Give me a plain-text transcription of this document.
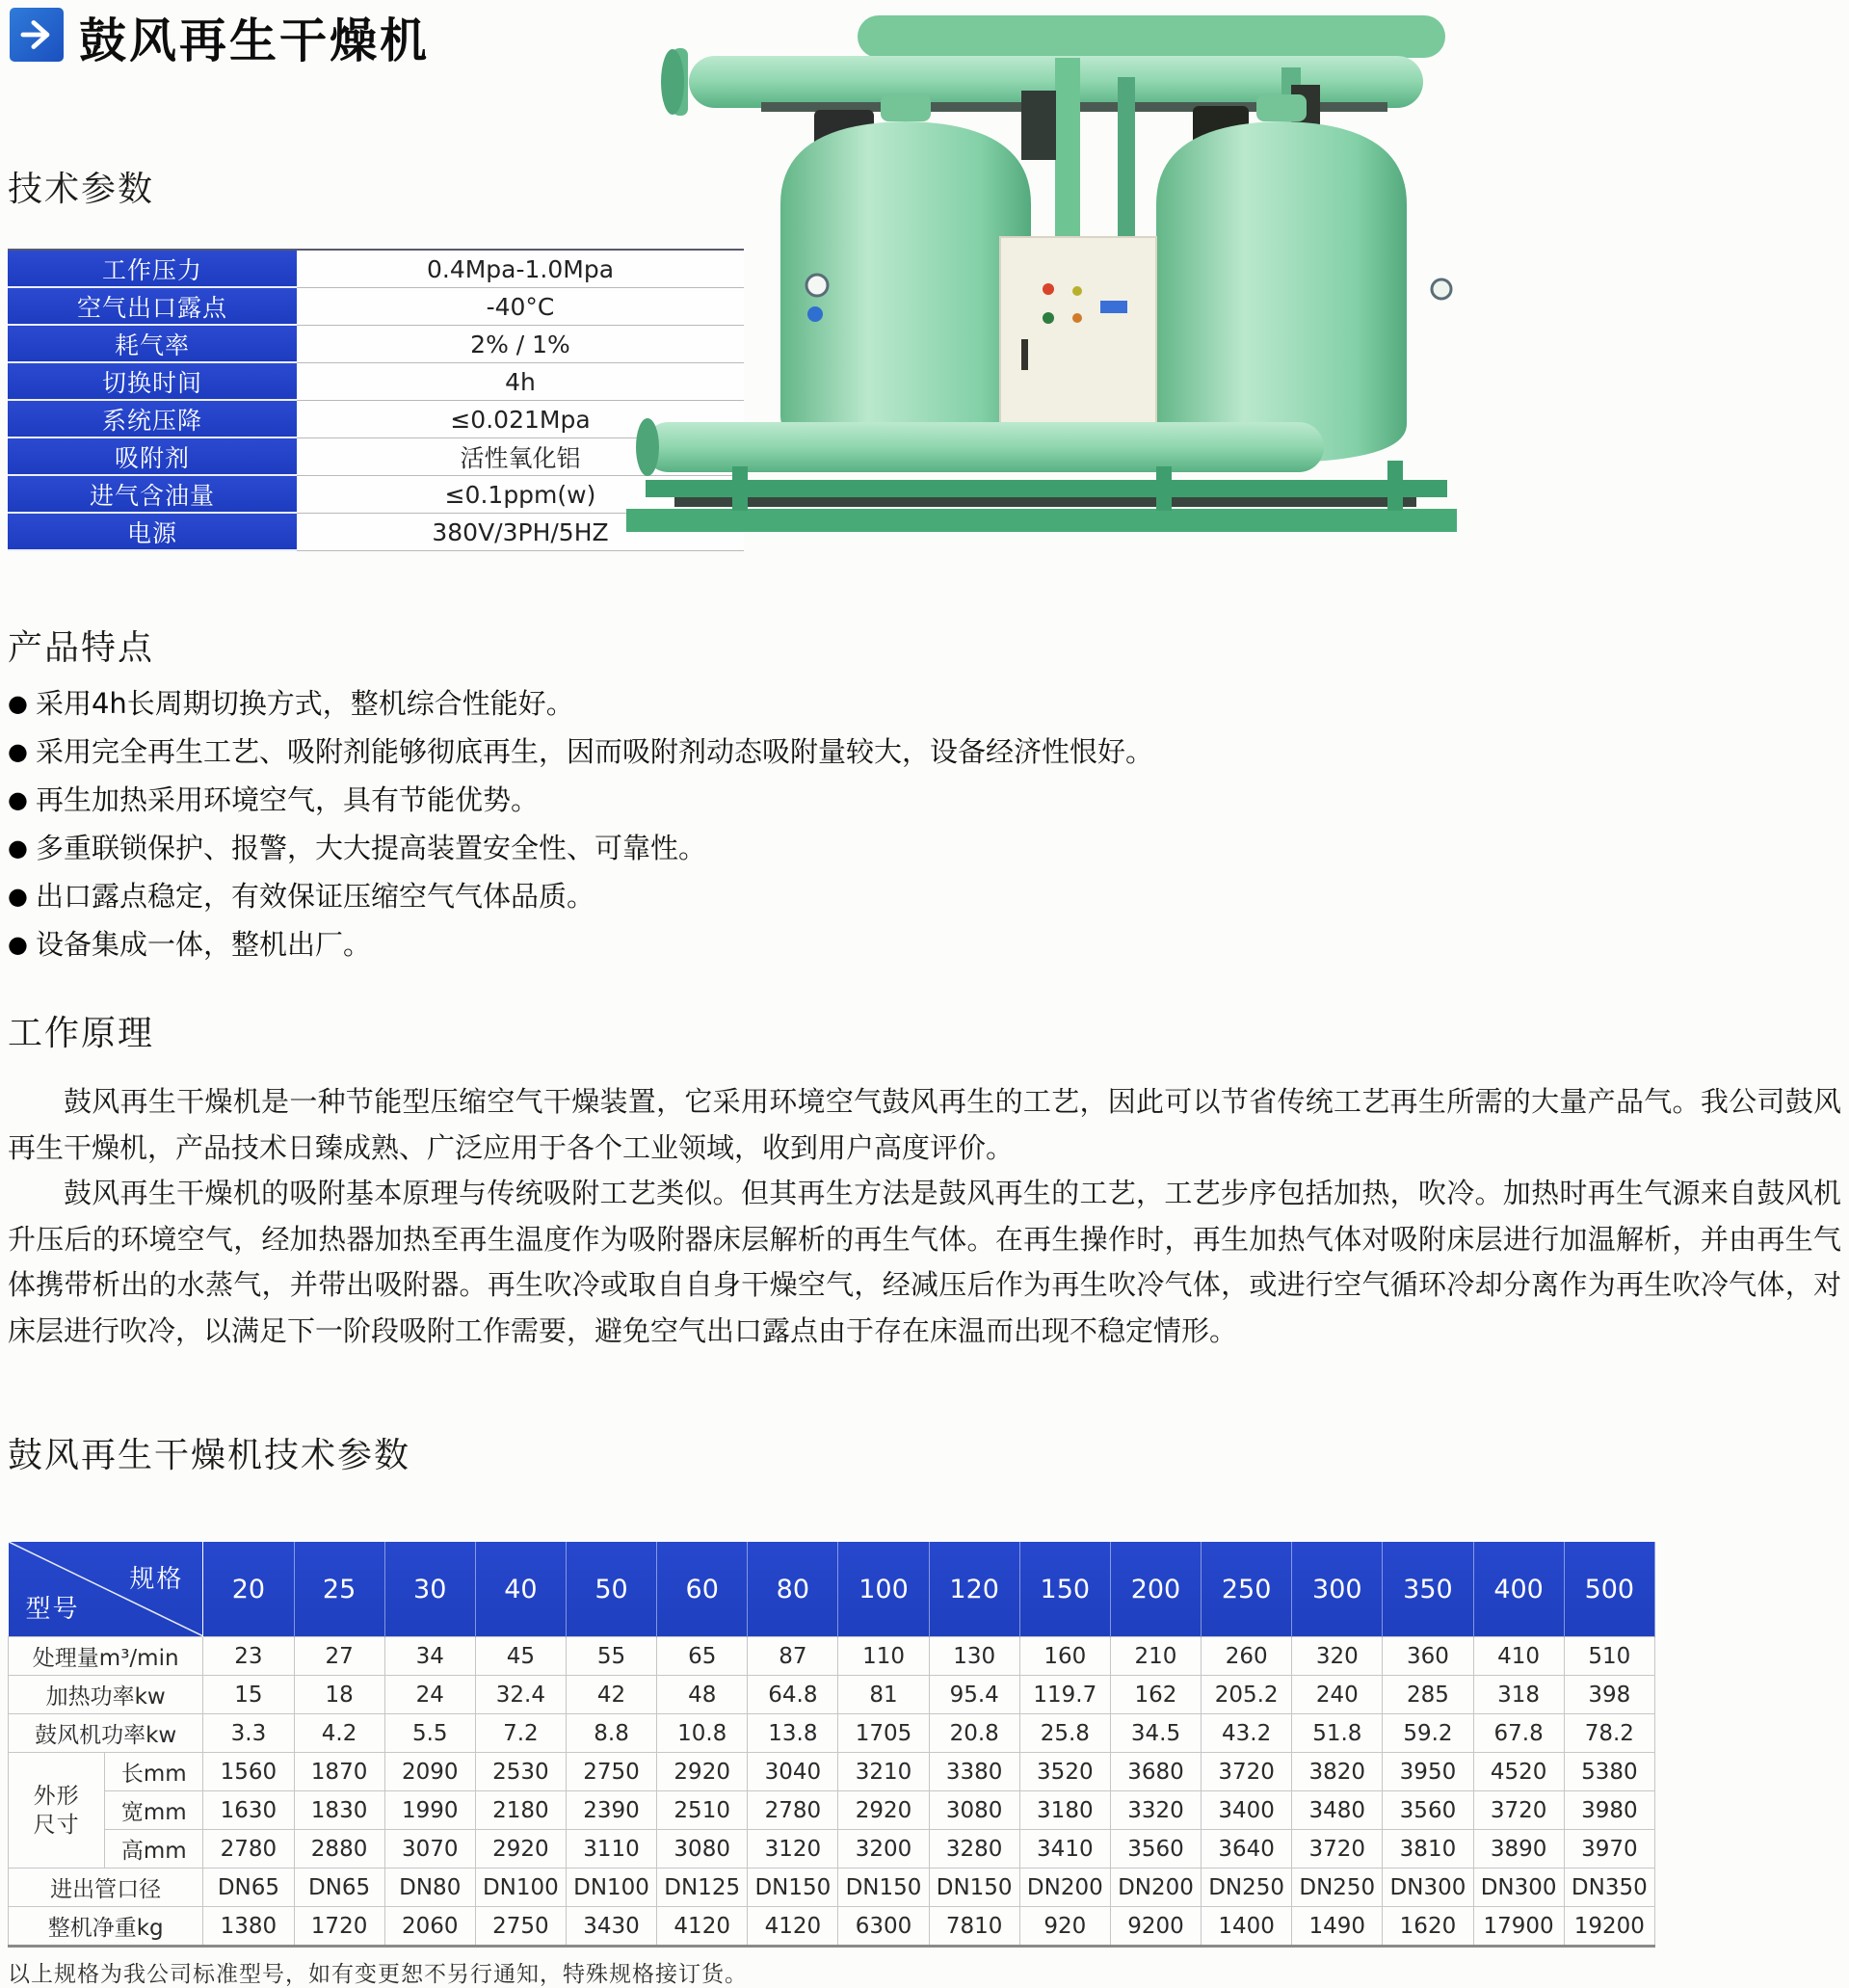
鼓风再生干燥机
技术参数
产品特点
工作原理
鼓风再生干燥机技术参数
工作压力	0.4Mpa-1.0Mpa
空气出口露点	-40°C
耗气率	2% / 1%
切换时间	4h
系统压降	≤0.021Mpa
吸附剂	活性氧化铝
进气含油量	≤0.1ppm(w)
电源	380V/3PH/5HZ
● 采用4h长周期切换方式，整机综合性能好。
● 采用完全再生工艺、吸附剂能够彻底再生，因而吸附剂动态吸附量较大，设备经济性恨好。
● 再生加热采用环境空气，具有节能优势。
● 多重联锁保护、报警，大大提高装置安全性、可靠性。
● 出口露点稳定，有效保证压缩空气气体品质。
● 设备集成一体，整机出厂。

鼓风再生干燥机是一种节能型压缩空气干燥装置，它采用环境空气鼓风再生的工艺，因此可以节省传统工艺再生所需的大量产品气。我公司鼓风再生干燥机，产品技术日臻成熟、广泛应用于各个工业领域，收到用户高度评价。

鼓风再生干燥机的吸附基本原理与传统吸附工艺类似。但其再生方法是鼓风再生的工艺，工艺步序包括加热，吹冷。加热时再生气源来自鼓风机升压后的环境空气，经加热器加热至再生温度作为吸附器床层解析的再生气体。在再生操作时，再生加热气体对吸附床层进行加温解析，并由再生气体携带析出的水蒸气，并带出吸附器。再生吹冷或取自自身干燥空气，经减压后作为再生吹冷气体，或进行空气循环冷却分离作为再生吹冷气体，对床层进行吹冷，以满足下一阶段吸附工作需要，避免空气出口露点由于存在床温而出现不稳定情形。

规格
型号		20	25	30	40	50	60	80	100	120	150	200	250	300	350	400	500
处理量m³/min		23	27	34	45	55	65	87	110	130	160	210	260	320	360	410	510
加热功率kw		15	18	24	32.4	42	48	64.8	81	95.4	119.7	162	205.2	240	285	318	398
鼓风机功率kw		3.3	4.2	5.5	7.2	8.8	10.8	13.8	1705	20.8	25.8	34.5	43.2	51.8	59.2	67.8	78.2
外形尺寸	长mm	1560	1870	2090	2530	2750	2920	3040	3210	3380	3520	3680	3720	3820	3950	4520	5380
	宽mm	1630	1830	1990	2180	2390	2510	2780	2920	3080	3180	3320	3400	3480	3560	3720	3980
	高mm	2780	2880	3070	2920	3110	3080	3120	3200	3280	3410	3560	3640	3720	3810	3890	3970
进出管口径		DN65	DN65	DN80	DN100	DN100	DN125	DN150	DN150	DN150	DN200	DN200	DN250	DN250	DN300	DN300	DN350
整机净重kg		1380	1720	2060	2750	3430	4120	4120	6300	7810	920	9200	1400	1490	1620	17900	19200
以上规格为我公司标准型号，如有变更恕不另行通知，特殊规格接订货。
